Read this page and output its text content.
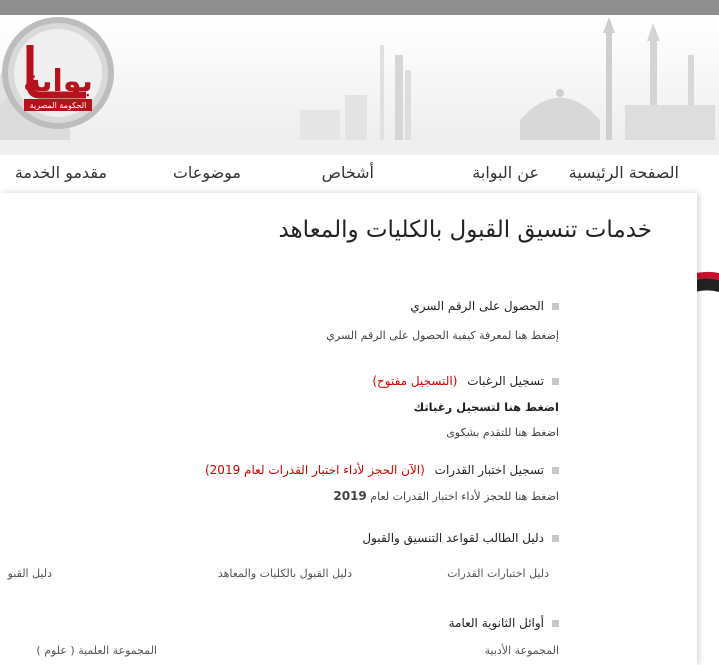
بوابة
الحكومة المصرية
الصفحة الرئيسية
عن البوابة
أشخاص
موضوعات
مقدمو الخدمة
خدمات تنسيق القبول بالكليات والمعاهد
الحصول على الرقم السري
إضغط هنا لمعرفة كيفية الحصول على الرقم السري
تسجيل الرغبات (التسجيل مفتوح)
اضغط هنا لتسجيل رغباتك
اضغط هنا للتقدم بشكوى
تسجيل اختبار القدرات (الآن الحجز لأداء اختبار القدرات لعام 2019)
اضغط هنا للحجز لأداء اختبار القدرات لعام 2019
دليل الطالب لقواعد التنسيق والقبول
دليل اختبارات القدرات
دليل القبول بالكليات والمعاهد
دليل القبو
أوائل الثانوية العامة
المجموعة الأدبية
المجموعة العلمية ( علوم )
